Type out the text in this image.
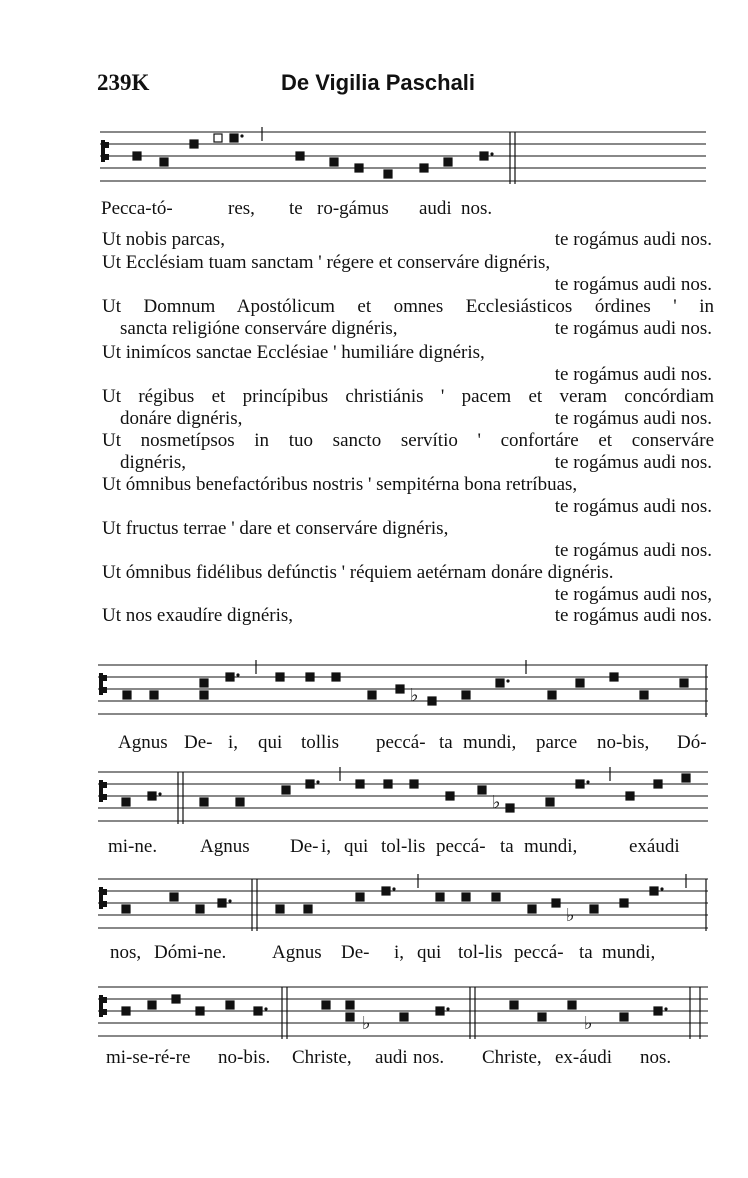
239K	De Vigilia Paschali
Pecca-tó-	res, te ro-gámus audi nos.
Ut nobis parcas,	te rogámus audi nos.
Ut Ecclésiam tuam sanctam ' régere et conserváre dignéris,
te rogámus audi nos.
Ut Domnum Apostólicum et omnes Ecclesiásticos órdines ' in
sancta religióne conserváre dignéris,	te rogámus audi nos.
Ut inimícos sanctae Ecclésiae ' humiliáre dignéris,
te rogámus audi nos.
Ut régibus et princípibus christiánis ' pacem et veram concórdiam
donáre dignéris,	te rogámus audi nos.
Ut nosmetípsos in tuo sancto servítio ' confortáre et conserváre
dignéris,	te rogámus audi nos.
Ut ómnibus benefactóribus nostris ' sempitérna bona retríbuas,
te rogámus audi nos.
Ut fructus terrae ' dare et conserváre dignéris,
te rogámus audi nos.
Ut ómnibus fidélibus defúnctis ' réquiem aetérnam donáre dignéris.
te rogámus audi nos,
Ut nos exaudíre dignéris,	te rogámus audi nos.
♭
Agnus De- i, qui tollis peccá- ta mundi, parce no-bis, Dó-
♭
mi-ne. Agnus De- i, qui tol-lis peccá- ta mundi,	exáudi
♭
nos, Dómi-ne. Agnus De- i, qui tol-lis peccá- ta mundi,
♭	♭
mi-se-ré-re no-bis. Christe, audi nos. Christe, ex-áudi nos.
